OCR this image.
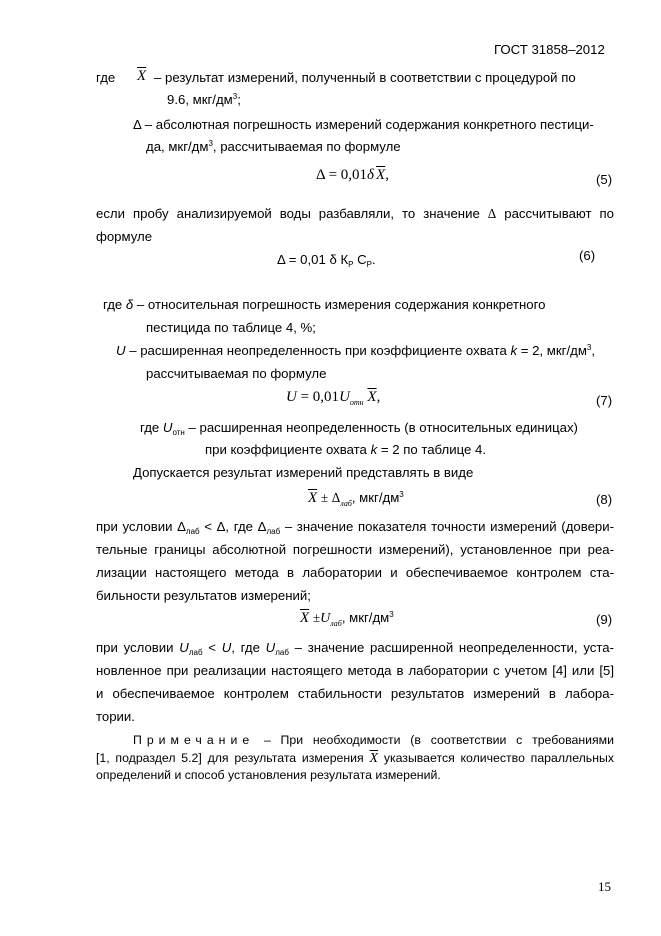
ГОСТ 31858–2012
где $\overline{X}$ – результат измерений, полученный в соответствии с процедурой по
9.6, мкг/$дм^3$;
Δ – абсолютная погрешность измерений содержания конкретного пестици-
да, мкг/$дм^3$, рассчитываемая по формуле
Δ = 0,01δ $\overline{X}$,	(5)
если пробу анализируемой воды разбавляли, то значение Δ рассчитывают по
формуле
Δ = 0,01 δ $К_Р$ $С_Р$.	(6)
где δ – относительная погрешность измерения содержания конкретного
пестицида по таблице 4, %;
U – расширенная неопределенность при коэффициенте охвата k = 2, мкг/$дм^3$,
рассчитываемая по формуле
$U = 0,01U_{отн}$ $\overline{X}$,	(7)
где $U_{отн}$ – расширенная неопределенность (в относительных единицах)
при коэффициенте охвата k = 2 по таблице 4.
Допускается результат измерений представлять в виде
$\overline{X} \pm \Delta_{лаб}$, мкг/$дм^3$	(8)
при условии $\Delta_{лаб} < \Delta$, где $\Delta_{лаб}$ – значение показателя точности измерений (довери-
тельные границы абсолютной погрешности измерений), установленное при реа-
лизации настоящего метода в лаборатории и обеспечиваемое контролем ста-
бильности результатов измерений;
$\overline{X} \pm U_{лаб}$, мкг/$дм^3$	(9)
при условии $U_{лаб} < U$, где $U_{лаб}$ – значение расширенной неопределенности, уста-
новленное при реализации настоящего метода в лаборатории с учетом [4] или [5]
и обеспечиваемое контролем стабильности результатов измерений в лабора-
тории.
Примечание – При необходимости (в соответствии с требованиями
[1, подраздел 5.2] для результата измерения $\overline{X}$ указывается количество параллельных
определений и способ установления результата измерений.
15
